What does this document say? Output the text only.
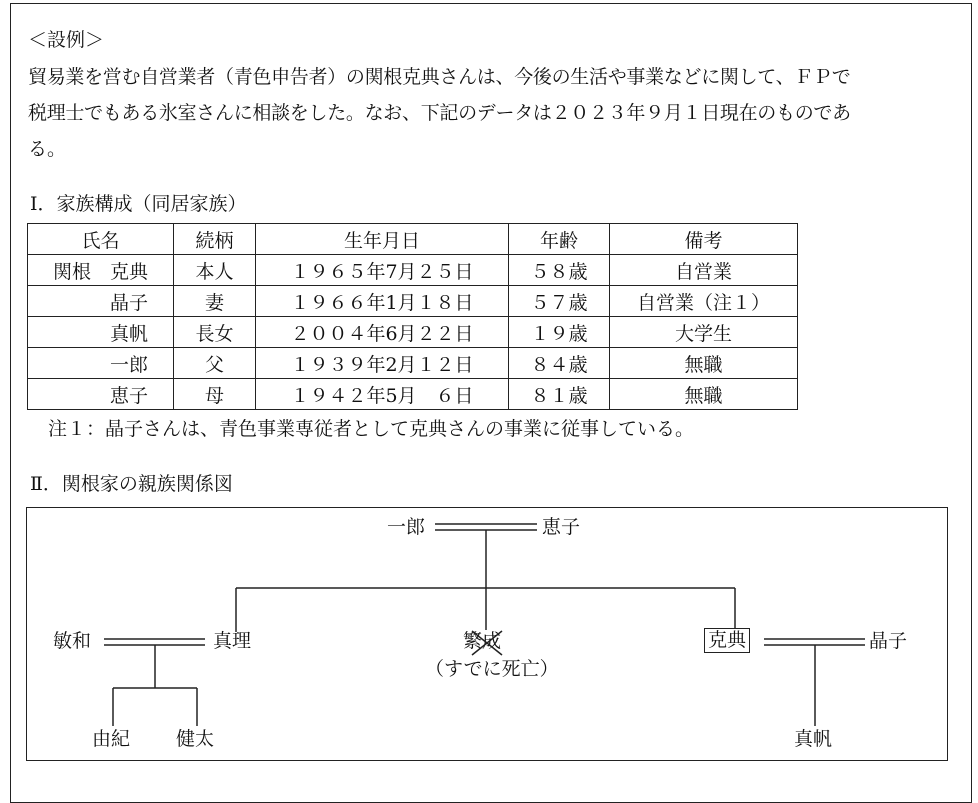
＜設例＞
貿易業を営む自営業者（青色申告者）の関根克典さんは、今後の生活や事業などに関して、ＦＰで
税理士でもある氷室さんに相談をした。なお、下記のデータは２０２３年９月１日現在のものであ
る。
Ⅰ．家族構成（同居家族）
氏名	続柄	生年月日	年齢	備考
関根　克典	本人	１９６５年7月２５日	５８歳	自営業
　　　晶子	妻	１９６６年1月１８日	５７歳	自営業（注１）
　　　真帆	長女	２００４年6月２２日	１９歳	大学生
　　　一郎	父	１９３９年2月１２日	８４歳	無職
　　　恵子	母	１９４２年5月　６日	８１歳	無職
注１：晶子さんは、青色事業専従者として克典さんの事業に従事している。
Ⅱ．関根家の親族関係図
一郎	恵子
敏和	真理	繁成
（すでに死亡）
克典	晶子
由紀 健太	真帆
